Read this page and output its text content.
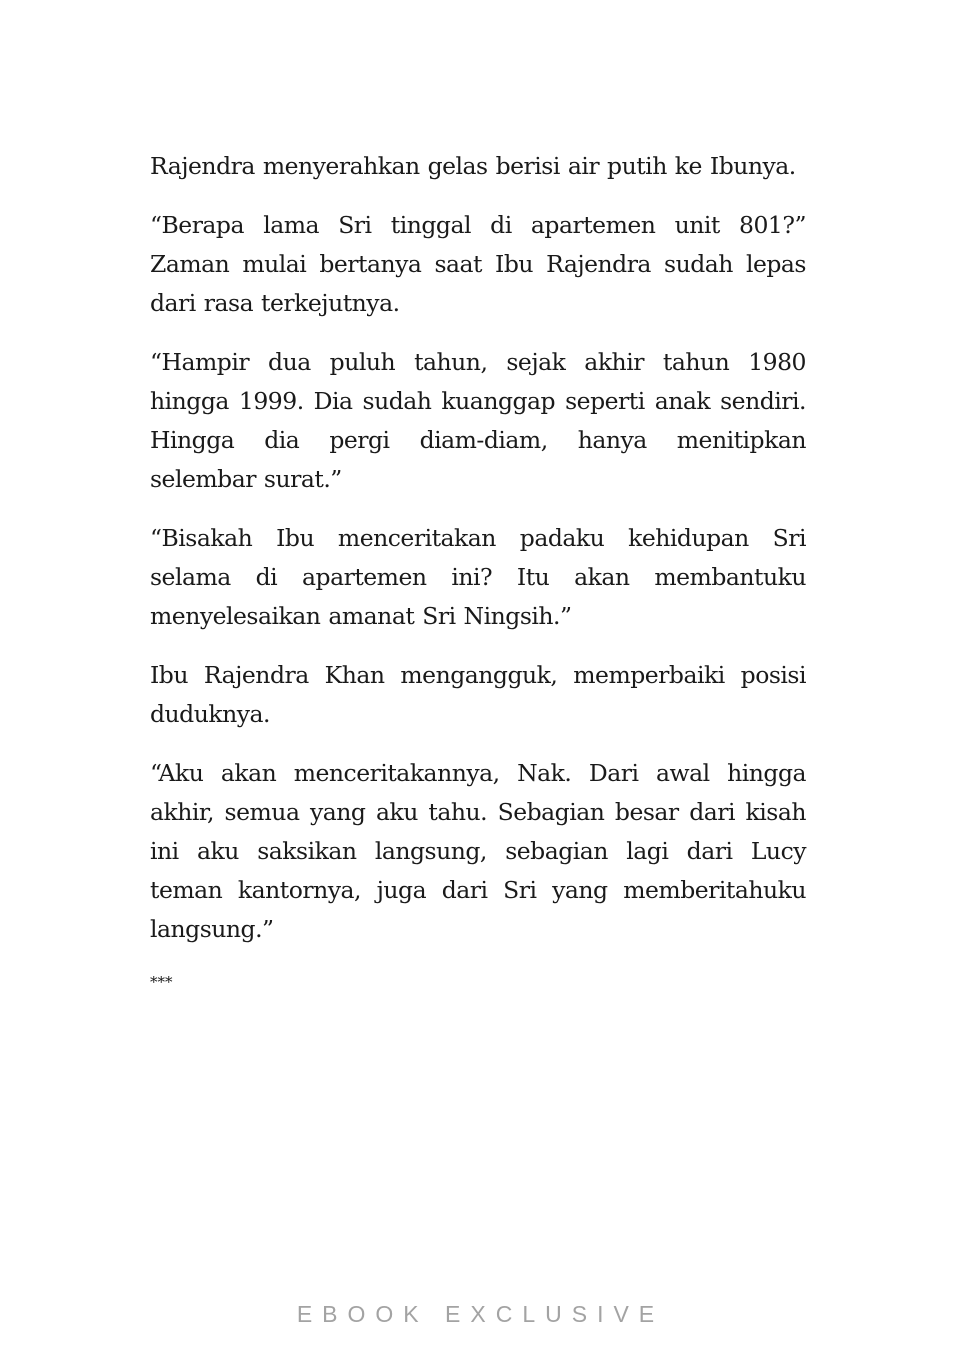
Rajendra menyerahkan gelas berisi air putih ke Ibunya.

“Berapa lama Sri tinggal di apartemen unit 801?” Zaman mulai bertanya saat Ibu Rajendra sudah lepas dari rasa terkejutnya.

“Hampir dua puluh tahun, sejak akhir tahun 1980 hingga 1999. Dia sudah kuanggap seperti anak sendiri. Hingga dia pergi diam-diam, hanya menitipkan selembar surat.”

“Bisakah Ibu menceritakan padaku kehidupan Sri selama di apartemen ini? Itu akan membantuku menyelesaikan amanat Sri Ningsih.”

Ibu Rajendra Khan mengangguk, memperbaiki posisi duduknya.

“Aku akan menceritakannya, Nak. Dari awal hingga akhir, semua yang aku tahu. Sebagian besar dari kisah ini aku saksikan langsung, sebagian lagi dari Lucy teman kantornya, juga dari Sri yang memberitahuku langsung.”

***

EBOOK EXCLUSIVE
